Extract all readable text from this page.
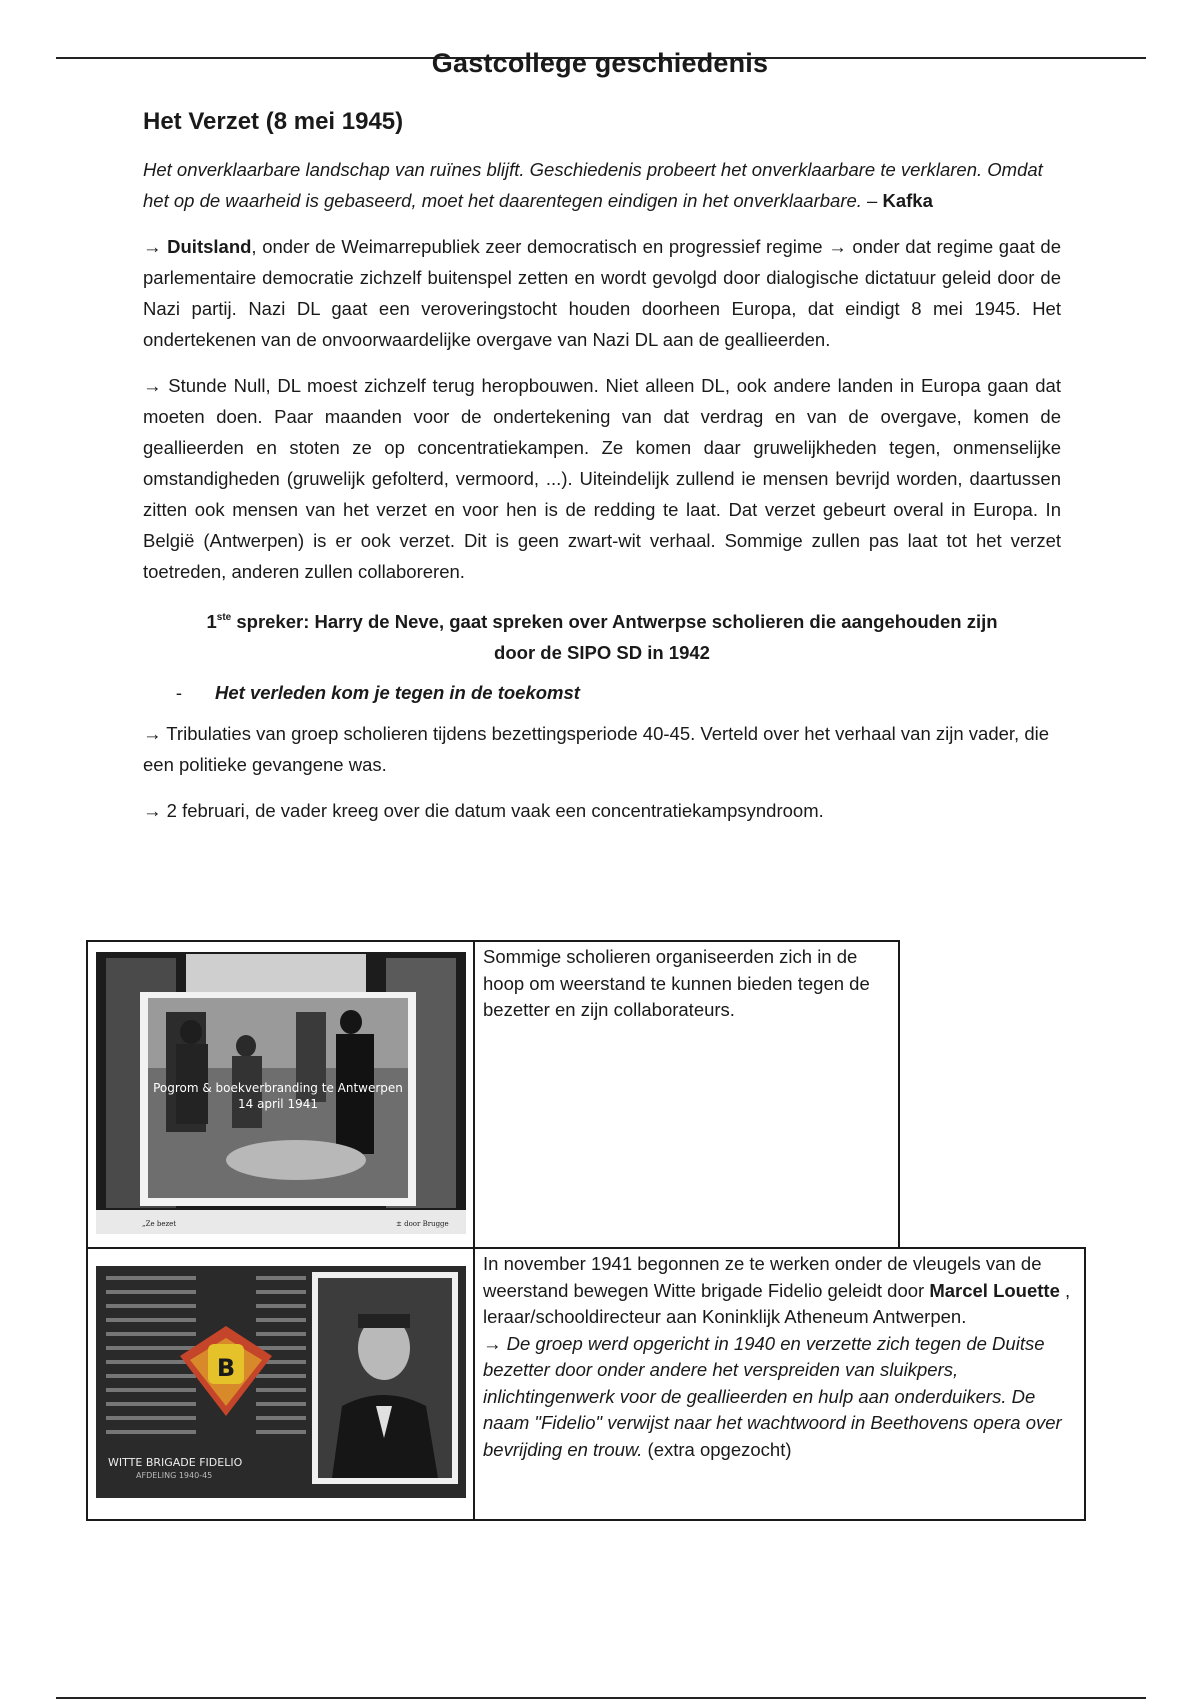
Gastcollege geschiedenis
Het Verzet (8 mei 1945)

Het onverklaarbare landschap van ruïnes blijft. Geschiedenis probeert het onverklaarbare te verklaren. Omdat het op de waarheid is gebaseerd, moet het daarentegen eindigen in het onverklaarbare. – Kafka

→ Duitsland, onder de Weimarrepubliek zeer democratisch en progressief regime → onder dat regime gaat de parlementaire democratie zichzelf buitenspel zetten en wordt gevolgd door dialogische dictatuur geleid door de Nazi partij. Nazi DL gaat een veroveringstocht houden doorheen Europa, dat eindigt 8 mei 1945. Het ondertekenen van de onvoorwaardelijke overgave van Nazi DL aan de geallieerden.

→ Stunde Null, DL moest zichzelf terug heropbouwen. Niet alleen DL, ook andere landen in Europa gaan dat moeten doen. Paar maanden voor de ondertekening van dat verdrag en van de overgave, komen de geallieerden en stoten ze op concentratiekampen. Ze komen daar gruwelijkheden tegen, onmenselijke omstandigheden (gruwelijk gefolterd, vermoord, ...). Uiteindelijk zullend ie mensen bevrijd worden, daartussen zitten ook mensen van het verzet en voor hen is de redding te laat. Dat verzet gebeurt overal in Europa. In België (Antwerpen) is er ook verzet. Dit is geen zwart-wit verhaal. Sommige zullen pas laat tot het verzet toetreden, anderen zullen collaboreren.

1ste spreker: Harry de Neve, gaat spreken over Antwerpse scholieren die aangehouden zijn
door de SIPO SD in 1942
-	Het verleden kom je tegen in de toekomst

→ Tribulaties van groep scholieren tijdens bezettingsperiode 40-45. Verteld over het verhaal van zijn vader, die een politieke gevangene was.

→ 2 februari, de vader kreeg over die datum vaak een concentratiekampsyndroom.

Pogrom & boekverbranding te Antwerpen
14 april 1941
„Ze bezet	± door Brugge
Sommige scholieren organiseerden zich in de hoop om weerstand te kunnen bieden tegen de bezetter en zijn collaborateurs.
B
WITTE BRIGADE FIDELIO
AFDELING 1940-45
In november 1941 begonnen ze te werken onder de vleugels van de weerstand bewegen Witte brigade Fidelio geleidt door Marcel Louette , leraar/schooldirecteur aan Koninklijk Atheneum Antwerpen.
→ De groep werd opgericht in 1940 en verzette zich tegen de Duitse bezetter door onder andere het verspreiden van sluikpers, inlichtingenwerk voor de geallieerden en hulp aan onderduikers. De naam "Fidelio" verwijst naar het wachtwoord in Beethovens opera over bevrijding en trouw. (extra opgezocht)
